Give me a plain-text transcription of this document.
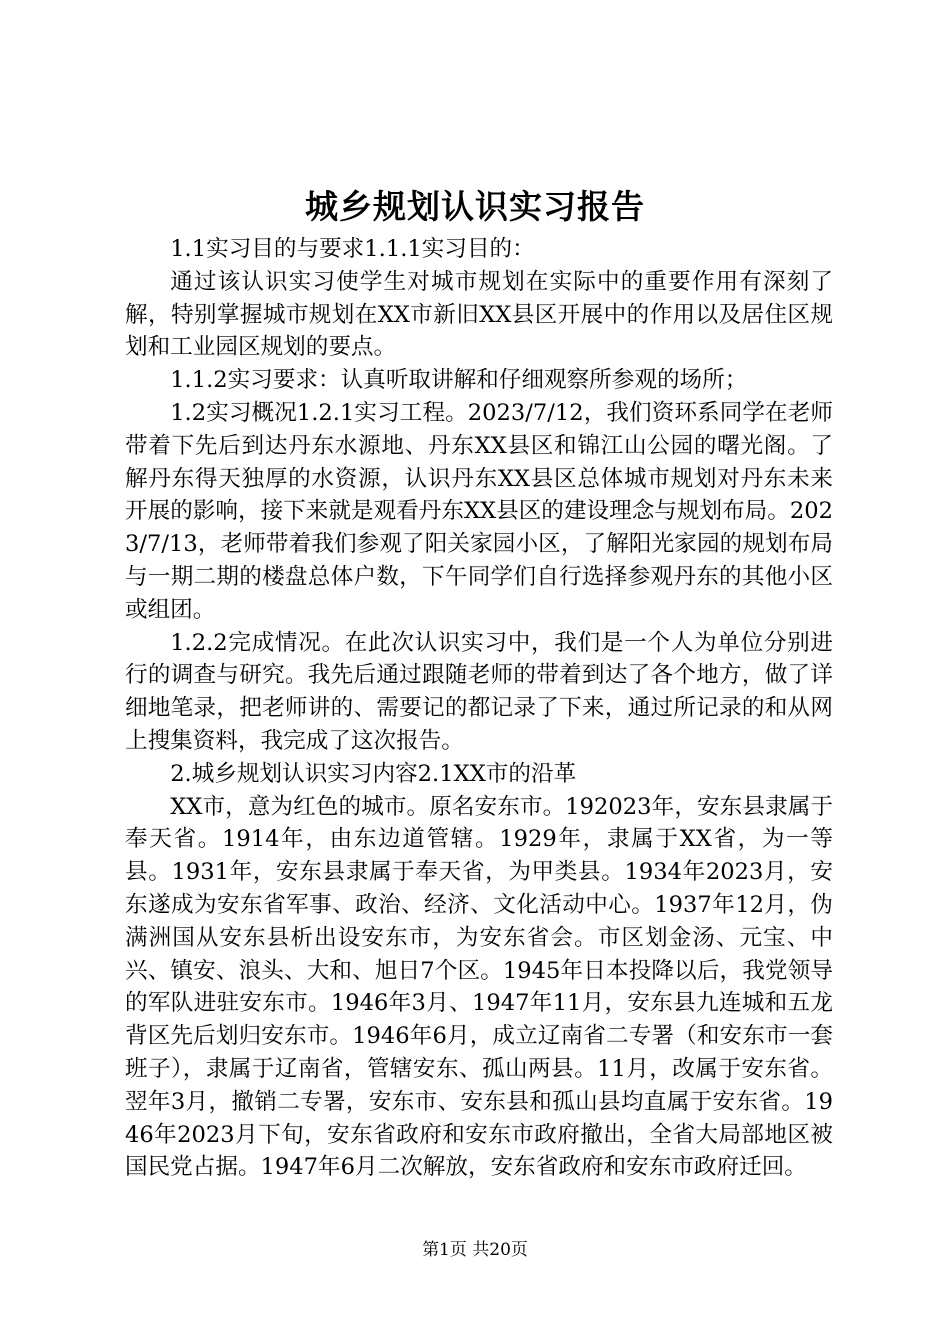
城乡规划认识实习报告

1.1实习目的与要求1.1.1实习目的：

通过该认识实习使学生对城市规划在实际中的重要作用有深刻了解，特别掌握城市规划在XX市新旧XX县区开展中的作用以及居住区规划和工业园区规划的要点。

1.1.2实习要求：认真听取讲解和仔细观察所参观的场所；

1.2实习概况1.2.1实习工程。2023/7/12，我们资环系同学在老师带着下先后到达丹东水源地、丹东XX县区和锦江山公园的曙光阁。了解丹东得天独厚的水资源，认识丹东XX县区总体城市规划对丹东未来开展的影响，接下来就是观看丹东XX县区的建设理念与规划布局。2023/7/13，老师带着我们参观了阳关家园小区，了解阳光家园的规划布局与一期二期的楼盘总体户数，下午同学们自行选择参观丹东的其他小区或组团。

1.2.2完成情况。在此次认识实习中，我们是一个人为单位分别进行的调查与研究。我先后通过跟随老师的带着到达了各个地方，做了详细地笔录，把老师讲的、需要记的都记录了下来，通过所记录的和从网上搜集资料，我完成了这次报告。

2.城乡规划认识实习内容2.1XX市的沿革

XX市，意为红色的城市。原名安东市。192023年，安东县隶属于奉天省。1914年，由东边道管辖。1929年，隶属于XX省，为一等县。1931年，安东县隶属于奉天省，为甲类县。1934年2023月，安东遂成为安东省军事、政治、经济、文化活动中心。1937年12月，伪满洲国从安东县析出设安东市，为安东省会。市区划金汤、元宝、中兴、镇安、浪头、大和、旭日7个区。1945年日本投降以后，我党领导的军队进驻安东市。1946年3月、1947年11月，安东县九连城和五龙背区先后划归安东市。1946年6月，成立辽南省二专署（和安东市一套班子），隶属于辽南省，管辖安东、孤山两县。11月，改属于安东省。翌年3月，撤销二专署，安东市、安东县和孤山县均直属于安东省。1946年2023月下旬，安东省政府和安东市政府撤出，全省大局部地区被国民党占据。1947年6月二次解放，安东省政府和安东市政府迁回。

第1页 共20页
